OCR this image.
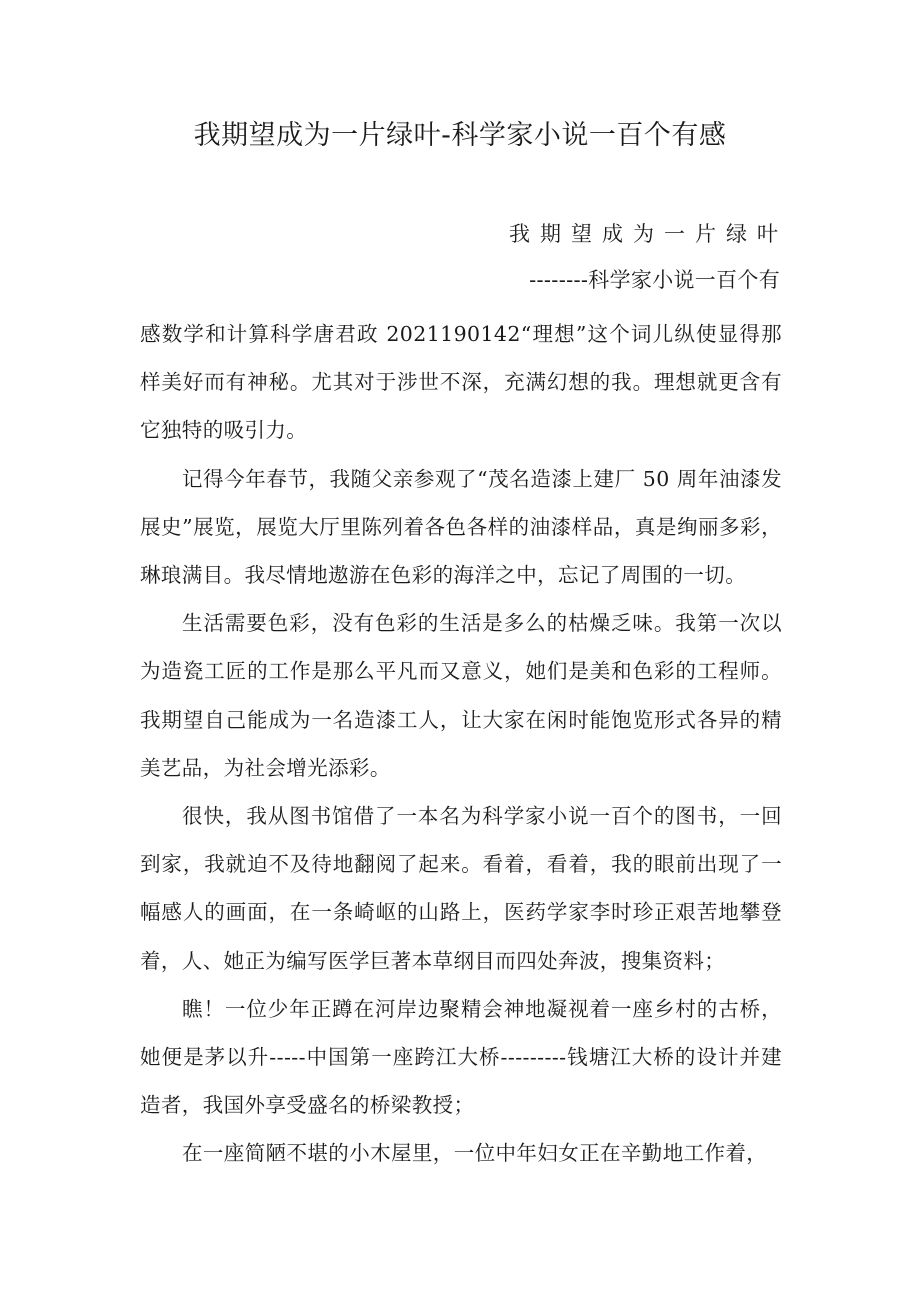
我期望成为一片绿叶-科学家小说一百个有感
我期望成为一片绿叶
--------科学家小说一百个有

感数学和计算科学唐君政 2021190142“理想”这个词儿纵使显得那样美好而有神秘。尤其对于涉世不深，充满幻想的我。理想就更含有它独特的吸引力。

记得今年春节，我随父亲参观了“茂名造漆上建厂 50 周年油漆发展史”展览，展览大厅里陈列着各色各样的油漆样品，真是绚丽多彩，琳琅满目。我尽情地遨游在色彩的海洋之中，忘记了周围的一切。

生活需要色彩，没有色彩的生活是多么的枯燥乏味。我第一次以为造瓷工匠的工作是那么平凡而又意义，她们是美和色彩的工程师。我期望自己能成为一名造漆工人，让大家在闲时能饱览形式各异的精美艺品，为社会增光添彩。

很快，我从图书馆借了一本名为科学家小说一百个的图书，一回到家，我就迫不及待地翻阅了起来。看着，看着，我的眼前出现了一幅感人的画面，在一条崎岖的山路上，医药学家李时珍正艰苦地攀登着，人、她正为编写医学巨著本草纲目而四处奔波，搜集资料；

瞧！一位少年正蹲在河岸边聚精会神地凝视着一座乡村的古桥，她便是茅以升-----中国第一座跨江大桥---------钱塘江大桥的设计并建造者，我国外享受盛名的桥梁教授；

在一座简陋不堪的小木屋里，一位中年妇女正在辛勤地工作着，
